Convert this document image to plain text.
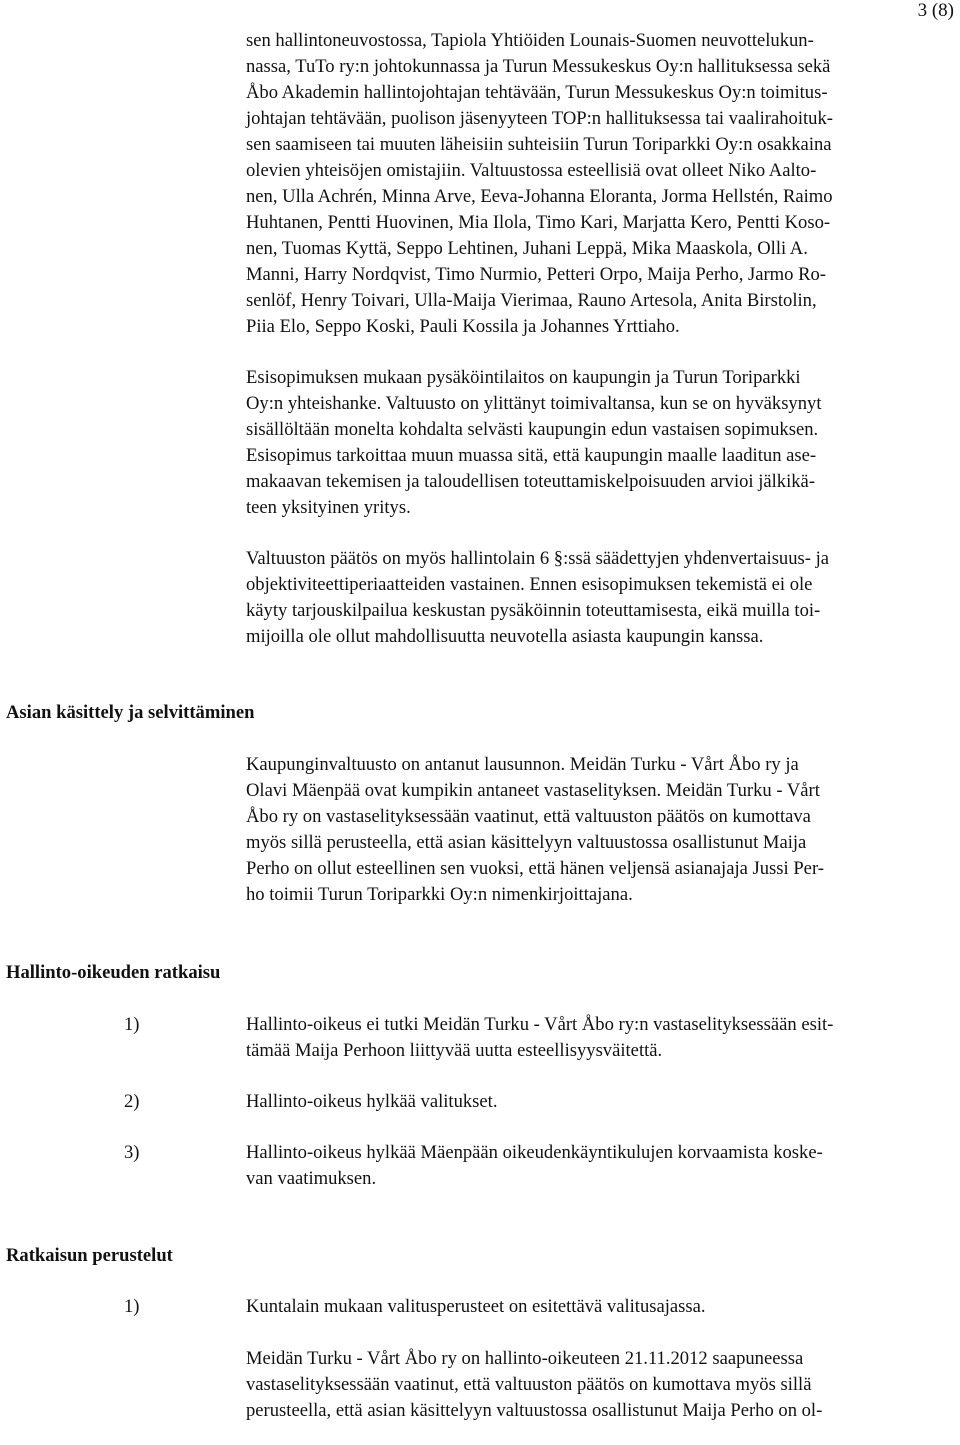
3 (8)
sen hallintoneuvostossa, Tapiola Yhtiöiden Lounais-Suomen neuvottelukun-
nassa, TuTo ry:n johtokunnassa ja Turun Messukeskus Oy:n hallituksessa sekä
Åbo Akademin hallintojohtajan tehtävään, Turun Messukeskus Oy:n toimitus-
johtajan tehtävään, puolison jäsenyyteen TOP:n hallituksessa tai vaalirahoituk-
sen saamiseen tai muuten läheisiin suhteisiin Turun Toriparkki Oy:n osakkaina
olevien yhteisöjen omistajiin. Valtuustossa esteellisiä ovat olleet Niko Aalto-
nen, Ulla Achrén, Minna Arve, Eeva-Johanna Eloranta, Jorma Hellstén, Raimo
Huhtanen, Pentti Huovinen, Mia Ilola, Timo Kari, Marjatta Kero, Pentti Koso-
nen, Tuomas Kyttä, Seppo Lehtinen, Juhani Leppä, Mika Maaskola, Olli A.
Manni, Harry Nordqvist, Timo Nurmio, Petteri Orpo, Maija Perho, Jarmo Ro-
senlöf, Henry Toivari, Ulla-Maija Vierimaa, Rauno Artesola, Anita Birstolin,
Piia Elo, Seppo Koski, Pauli Kossila ja Johannes Yrttiaho.
Esisopimuksen mukaan pysäköintilaitos on kaupungin ja Turun Toriparkki
Oy:n yhteishanke. Valtuusto on ylittänyt toimivaltansa, kun se on hyväksynyt
sisällöltään monelta kohdalta selvästi kaupungin edun vastaisen sopimuksen.
Esisopimus tarkoittaa muun muassa sitä, että kaupungin maalle laaditun ase-
makaavan tekemisen ja taloudellisen toteuttamiskelpoisuuden arvioi jälkikä-
teen yksityinen yritys.
Valtuuston päätös on myös hallintolain 6 §:ssä säädettyjen yhdenvertaisuus- ja
objektiviteettiperiaatteiden vastainen. Ennen esisopimuksen tekemistä ei ole
käyty tarjouskilpailua keskustan pysäköinnin toteuttamisesta, eikä muilla toi-
mijoilla ole ollut mahdollisuutta neuvotella asiasta kaupungin kanssa.
Asian käsittely ja selvittäminen
Kaupunginvaltuusto on antanut lausunnon. Meidän Turku - Vårt Åbo ry ja
Olavi Mäenpää ovat kumpikin antaneet vastaselityksen. Meidän Turku - Vårt
Åbo ry on vastaselityksessään vaatinut, että valtuuston päätös on kumottava
myös sillä perusteella, että asian käsittelyyn valtuustossa osallistunut Maija
Perho on ollut esteellinen sen vuoksi, että hänen veljensä asianajaja Jussi Per-
ho toimii Turun Toriparkki Oy:n nimenkirjoittajana.
Hallinto-oikeuden ratkaisu
1)	Hallinto-oikeus ei tutki Meidän Turku - Vårt Åbo ry:n vastaselityksessään esit-
tämää Maija Perhoon liittyvää uutta esteellisyysväitettä.
2)	Hallinto-oikeus hylkää valitukset.
3)	Hallinto-oikeus hylkää Mäenpään oikeudenkäyntikulujen korvaamista koske-
van vaatimuksen.
Ratkaisun perustelut
1)	Kuntalain mukaan valitusperusteet on esitettävä valitusajassa.
Meidän Turku - Vårt Åbo ry on hallinto-oikeuteen 21.11.2012 saapuneessa
vastaselityksessään vaatinut, että valtuuston päätös on kumottava myös sillä
perusteella, että asian käsittelyyn valtuustossa osallistunut Maija Perho on ol-
